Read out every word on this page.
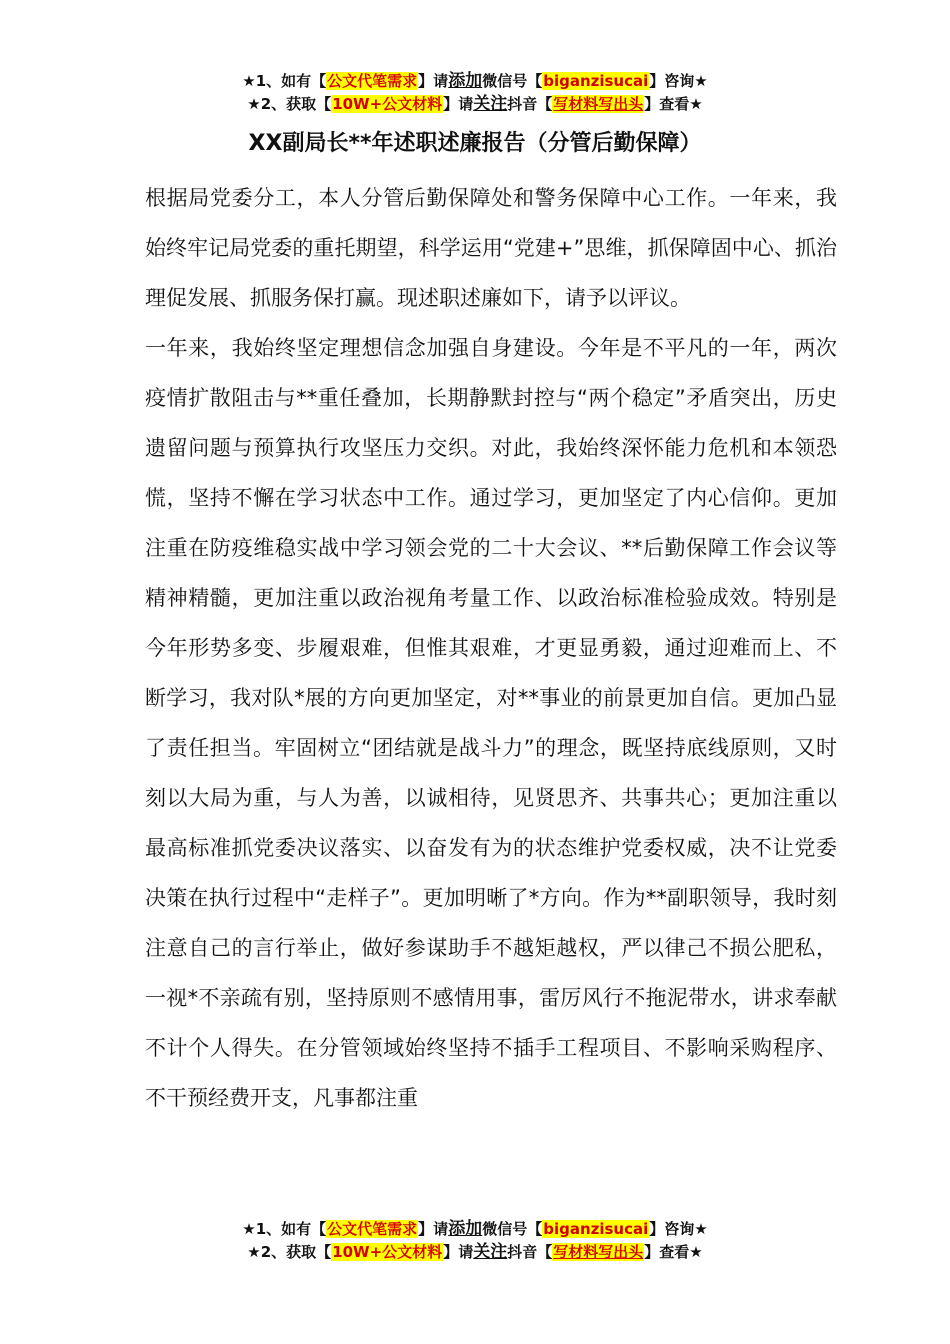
★1、如有【公文代笔需求】请添加微信号【biganzisucai】咨询★
★2、获取【10W+公文材料】请关注抖音【写材料写出头】查看★
XX副局长**年述职述廉报告（分管后勤保障）

根据局党委分工，本人分管后勤保障处和警务保障中心工作。一年来，我始终牢记局党委的重托期望，科学运用“党建+”思维，抓保障固中心、抓治理促发展、抓服务保打赢。现述职述廉如下，请予以评议。

一年来，我始终坚定理想信念加强自身建设。今年是不平凡的一年，两次疫情扩散阻击与**重任叠加，长期静默封控与“两个稳定”矛盾突出，历史遗留问题与预算执行攻坚压力交织。对此，我始终深怀能力危机和本领恐慌，坚持不懈在学习状态中工作。通过学习，更加坚定了内心信仰。更加注重在防疫维稳实战中学习领会党的二十大会议、**后勤保障工作会议等精神精髓，更加注重以政治视角考量工作、以政治标准检验成效。特别是今年形势多变、步履艰难，但惟其艰难，才更显勇毅，通过迎难而上、不断学习，我对队*展的方向更加坚定，对**事业的前景更加自信。更加凸显了责任担当。牢固树立“团结就是战斗力”的理念，既坚持底线原则，又时刻以大局为重，与人为善，以诚相待，见贤思齐、共事共心；更加注重以最高标准抓党委决议落实、以奋发有为的状态维护党委权威，决不让党委决策在执行过程中“走样子”。更加明晰了*方向。作为**副职领导，我时刻注意自己的言行举止，做好参谋助手不越矩越权，严以律己不损公肥私，一视*不亲疏有别，坚持原则不感情用事，雷厉风行不拖泥带水，讲求奉献不计个人得失。在分管领域始终坚持不插手工程项目、不影响采购程序、不干预经费开支，凡事都注重

★1、如有【公文代笔需求】请添加微信号【biganzisucai】咨询★
★2、获取【10W+公文材料】请关注抖音【写材料写出头】查看★
